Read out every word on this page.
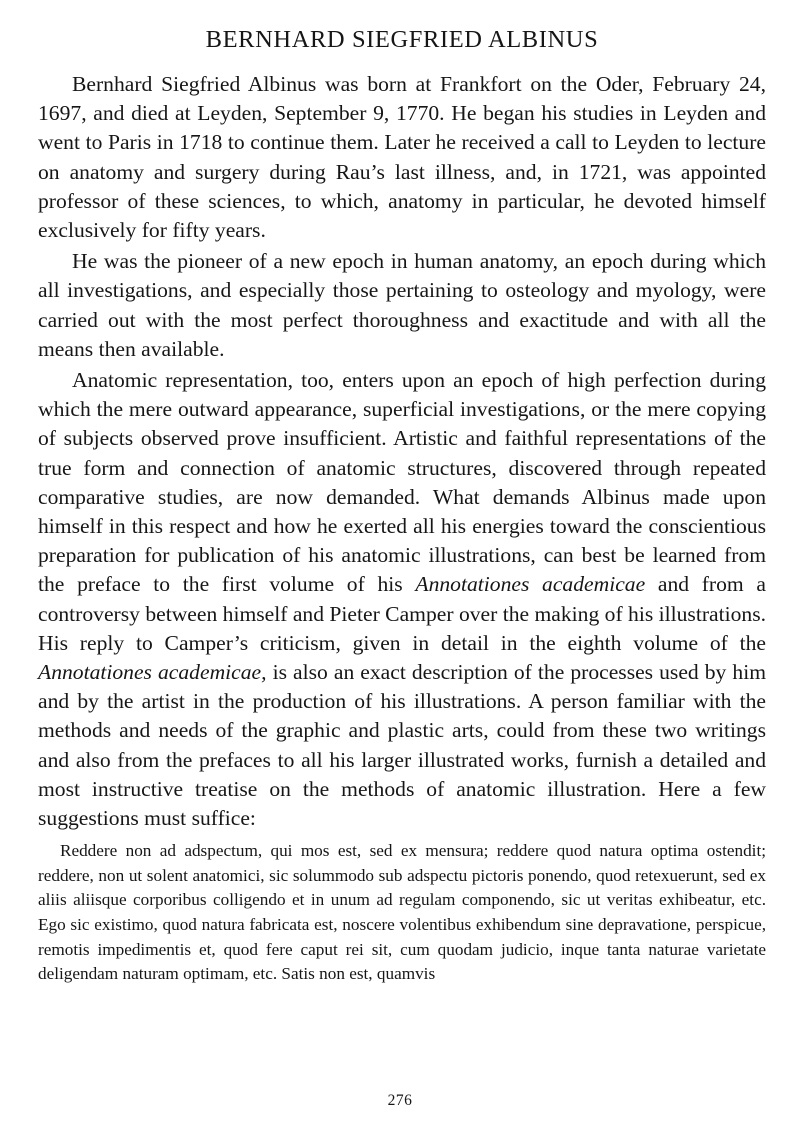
BERNHARD SIEGFRIED ALBINUS

Bernhard Siegfried Albinus was born at Frankfort on the Oder, February 24, 1697, and died at Leyden, September 9, 1770. He began his studies in Leyden and went to Paris in 1718 to continue them. Later he received a call to Leyden to lecture on anatomy and surgery during Rau’s last illness, and, in 1721, was appointed professor of these sciences, to which, anatomy in particular, he devoted himself exclusively for fifty years.

He was the pioneer of a new epoch in human anatomy, an epoch during which all investigations, and especially those pertaining to osteology and myology, were carried out with the most perfect thoroughness and exactitude and with all the means then available.

Anatomic representation, too, enters upon an epoch of high perfection during which the mere outward appearance, superficial investigations, or the mere copying of subjects observed prove insufficient. Artistic and faithful representations of the true form and connection of anatomic structures, discovered through repeated comparative studies, are now demanded. What demands Albinus made upon himself in this respect and how he exerted all his energies toward the conscientious preparation for publication of his anatomic illustrations, can best be learned from the preface to the first volume of his Annotationes academicae and from a controversy between himself and Pieter Camper over the making of his illustrations. His reply to Camper’s criticism, given in detail in the eighth volume of the Annotationes academicae, is also an exact description of the processes used by him and by the artist in the production of his illustrations. A person familiar with the methods and needs of the graphic and plastic arts, could from these two writings and also from the prefaces to all his larger illustrated works, furnish a detailed and most instructive treatise on the methods of anatomic illustration. Here a few suggestions must suffice:

Reddere non ad adspectum, qui mos est, sed ex mensura; reddere quod natura optima ostendit; reddere, non ut solent anatomici, sic solummodo sub adspectu pictoris ponendo, quod retexuerunt, sed ex aliis aliisque corporibus colligendo et in unum ad regulam componendo, sic ut veritas exhibeatur, etc. Ego sic existimo, quod natura fabricata est, noscere volentibus exhibendum sine depravatione, perspicue, remotis impedimentis et, quod fere caput rei sit, cum quodam judicio, inque tanta naturae varietate deligendam naturam optimam, etc. Satis non est, quamvis

276
